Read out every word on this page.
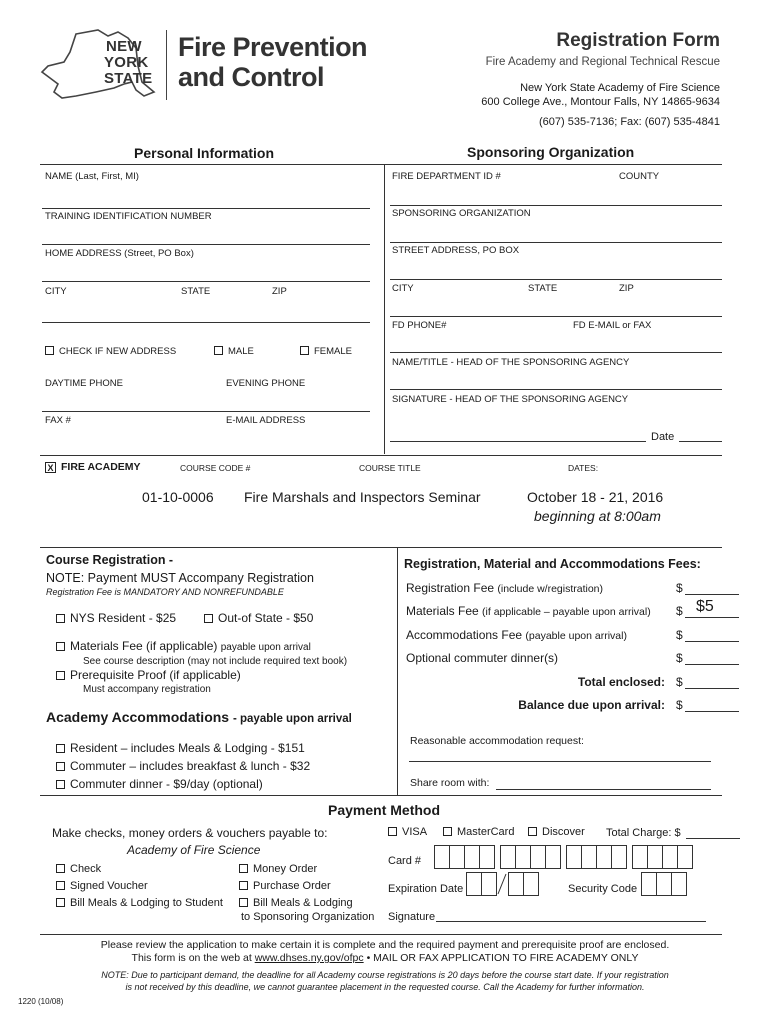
NEW
YORK
STATE
Fire Prevention
and Control
Registration Form
Fire Academy and Regional Technical Rescue
New York State Academy of Fire Science
600 College Ave., Montour Falls, NY 14865-9634
(607) 535-7136; Fax: (607) 535-4841
Personal Information	Sponsoring Organization
NAME (Last, First, MI)
TRAINING IDENTIFICATION NUMBER
HOME ADDRESS (Street, PO Box)
CITY	STATE	ZIP
CHECK IF NEW ADDRESS	MALE	FEMALE
DAYTIME PHONE	EVENING PHONE
FAX #	E-MAIL ADDRESS
FIRE DEPARTMENT ID #	COUNTY
SPONSORING ORGANIZATION
STREET ADDRESS, PO BOX
CITY	STATE	ZIP
FD PHONE#	FD E-MAIL or FAX
NAME/TITLE - HEAD OF THE SPONSORING AGENCY
SIGNATURE - HEAD OF THE SPONSORING AGENCY
Date
X FIRE ACADEMY	COURSE CODE #	COURSE TITLE	DATES:
01-10-0006 Fire Marshals and Inspectors Seminar	October 18 - 21, 2016
beginning at 8:00am
Course Registration -
NOTE: Payment MUST Accompany Registration
Registration Fee is MANDATORY AND NONREFUNDABLE
NYS Resident - $25	Out-of State - $50
Materials Fee (if applicable) payable upon arrival
See course description (may not include required text book)
Prerequisite Proof (if applicable)
Must accompany registration
Academy Accommodations - payable upon arrival
Resident – includes Meals & Lodging - $151
Commuter – includes breakfast & lunch - $32
Commuter dinner - $9/day (optional)
Registration, Material and Accommodations Fees:
Registration Fee (include w/registration)	$
Materials Fee (if applicable – payable upon arrival) $ $5
Accommodations Fee (payable upon arrival)	$
Optional commuter dinner(s)	$
Total enclosed: $
Balance due upon arrival: $
Reasonable accommodation request:
Share room with:
Payment Method
Make checks, money orders & vouchers payable to:
Academy of Fire Science
Check	Money Order
Signed Voucher	Purchase Order
Bill Meals & Lodging to Student	Bill Meals & Lodging
to Sponsoring Organization
VISA	MasterCard	Discover Total Charge: $
Card #
Expiration Date	Security Code
Signature
Please review the application to make certain it is complete and the required payment and prerequisite proof are enclosed.
This form is on the web at www.dhses.ny.gov/ofpc • MAIL OR FAX APPLICATION TO FIRE ACADEMY ONLY
NOTE: Due to participant demand, the deadline for all Academy course registrations is 20 days before the course start date. If your registration
is not received by this deadline, we cannot guarantee placement in the requested course. Call the Academy for further information.
1220 (10/08)
